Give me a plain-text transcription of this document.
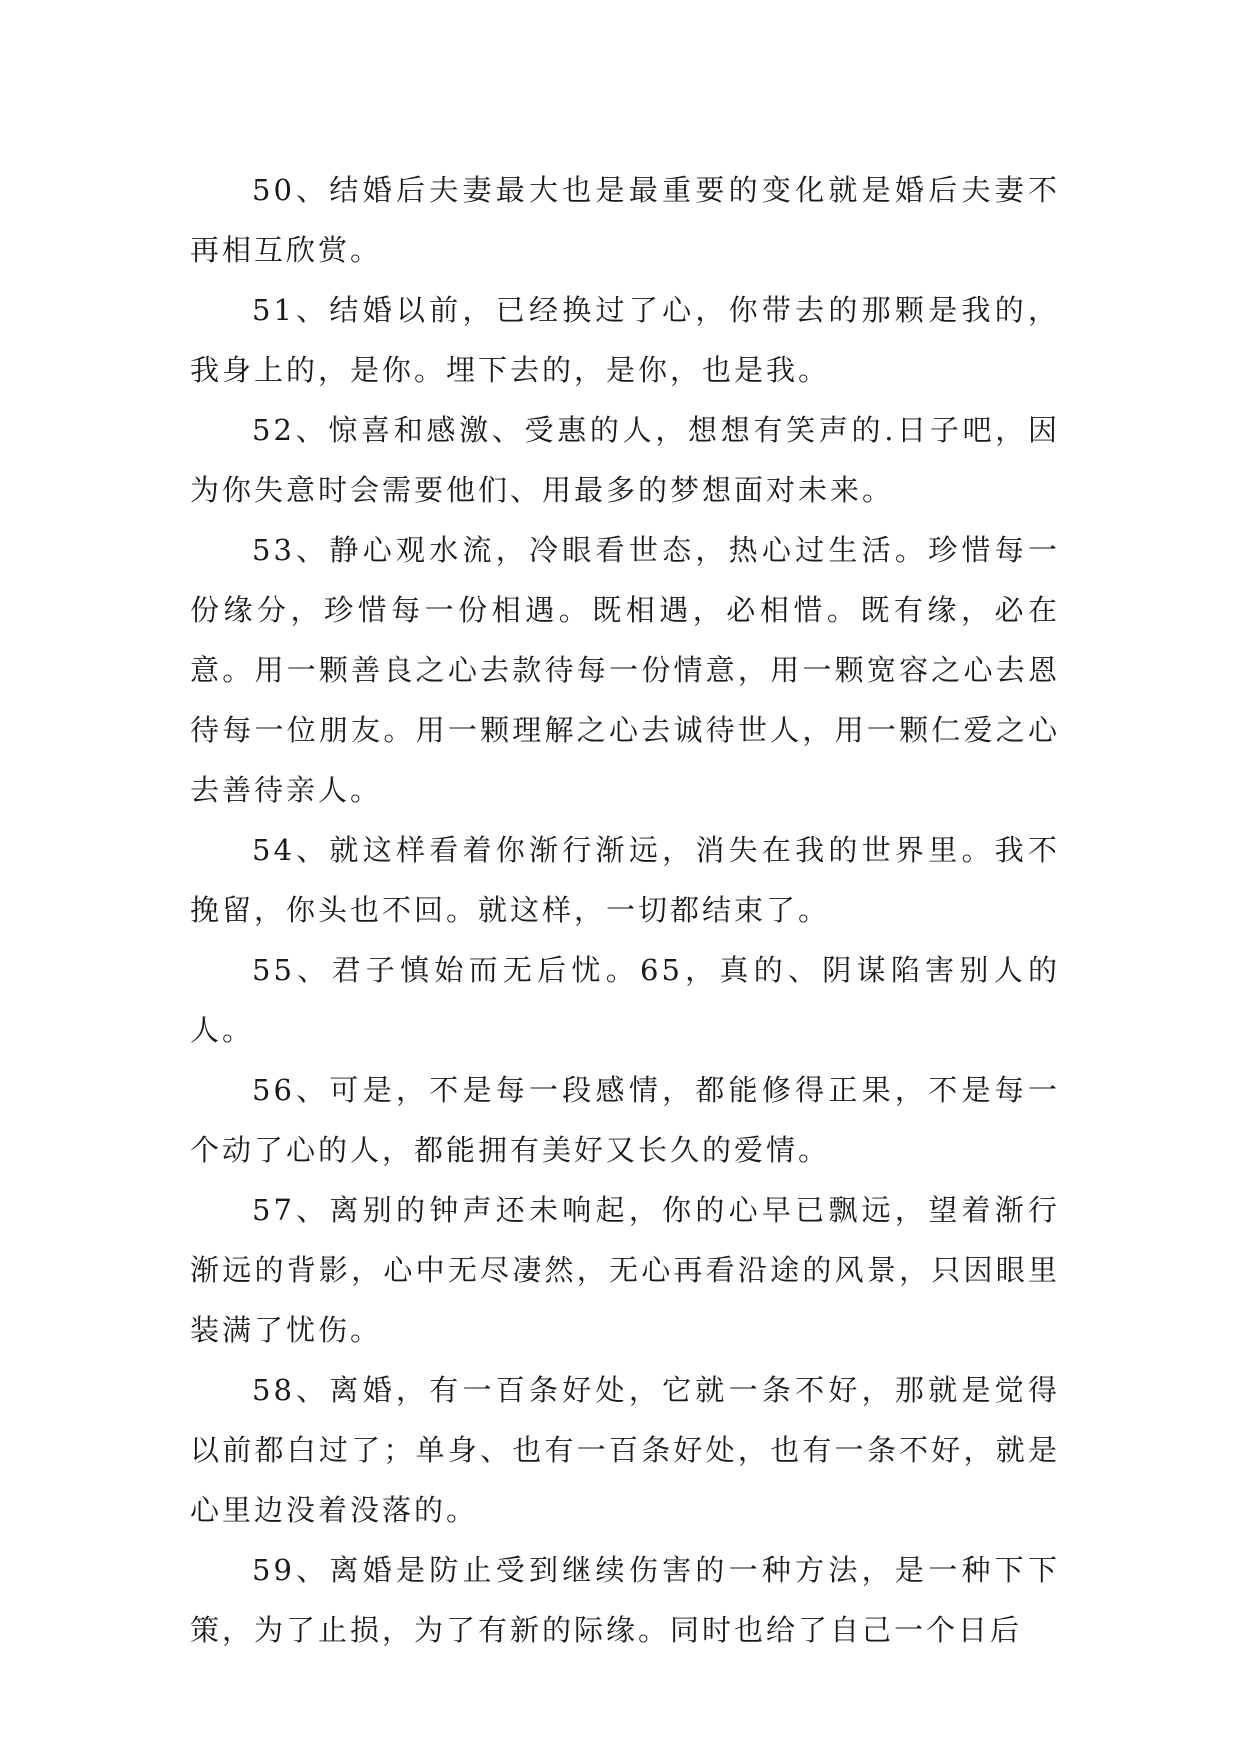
50、结婚后夫妻最大也是最重要的变化就是婚后夫妻不再相互欣赏。

51、结婚以前，已经换过了心，你带去的那颗是我的，我身上的，是你。埋下去的，是你，也是我。

52、惊喜和感激、受惠的人，想想有笑声的.日子吧，因为你失意时会需要他们、用最多的梦想面对未来。

53、静心观水流，冷眼看世态，热心过生活。珍惜每一份缘分，珍惜每一份相遇。既相遇，必相惜。既有缘，必在意。用一颗善良之心去款待每一份情意，用一颗宽容之心去恩待每一位朋友。用一颗理解之心去诚待世人，用一颗仁爱之心去善待亲人。

54、就这样看着你渐行渐远，消失在我的世界里。我不挽留，你头也不回。就这样，一切都结束了。

55、君子慎始而无后忧。65，真的、阴谋陷害别人的人。

56、可是，不是每一段感情，都能修得正果，不是每一个动了心的人，都能拥有美好又长久的爱情。

57、离别的钟声还未响起，你的心早已飘远，望着渐行渐远的背影，心中无尽凄然，无心再看沿途的风景，只因眼里装满了忧伤。

58、离婚，有一百条好处，它就一条不好，那就是觉得以前都白过了；单身、也有一百条好处，也有一条不好，就是心里边没着没落的。

59、离婚是防止受到继续伤害的一种方法，是一种下下策，为了止损，为了有新的际缘。同时也给了自己一个日后
